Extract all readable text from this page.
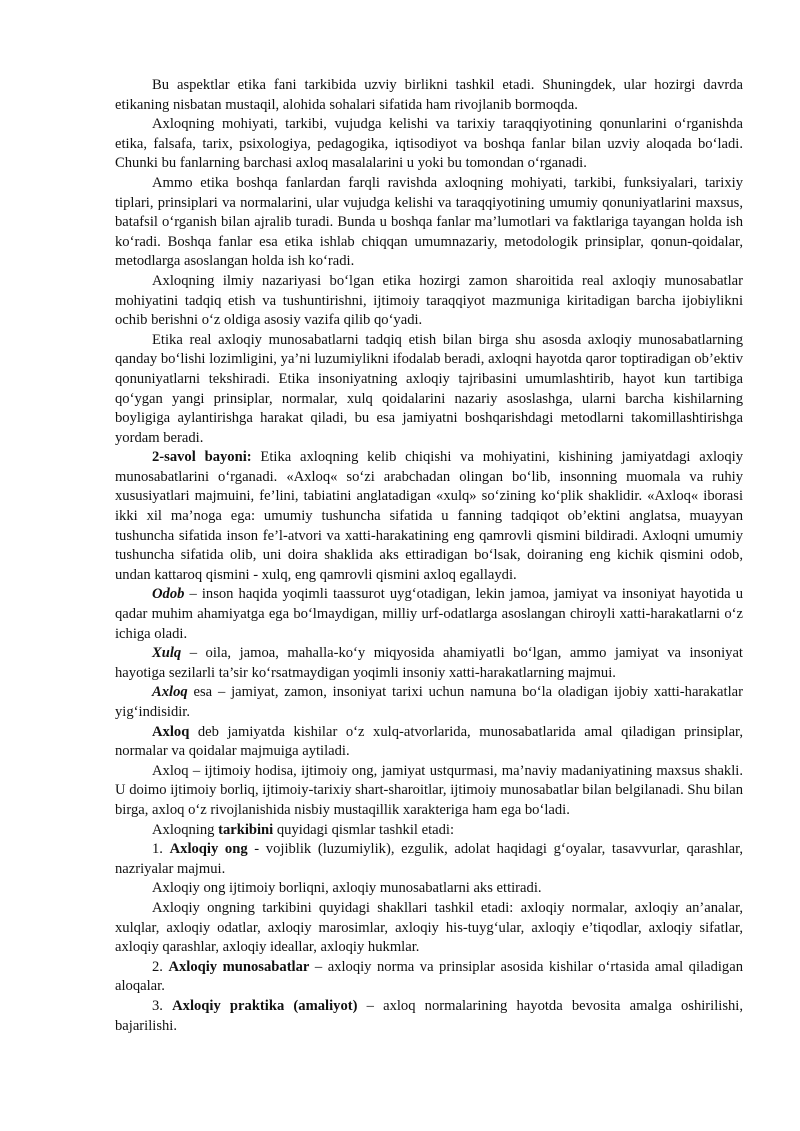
Bu aspektlar etika fani tarkibida uzviy birlikni tashkil etadi. Shuningdek, ular hozirgi davrda etikaning nisbatan mustaqil, alohida sohalari sifatida ham rivojlanib bormoqda.

Axloqning mohiyati, tarkibi, vujudga kelishi va tarixiy taraqqiyotining qonunlarini o‘rganishda etika, falsafa, tarix, psixologiya, pedagogika, iqtisodiyot va boshqa fanlar bilan uzviy aloqada bo‘ladi. Chunki bu fanlarning barchasi axloq masalalarini u yoki bu tomondan o‘rganadi.

Ammo etika boshqa fanlardan farqli ravishda axloqning mohiyati, tarkibi, funksiyalari, tarixiy tiplari, prinsiplari va normalarini, ular vujudga kelishi va taraqqiyotining umumiy qonuniyatlarini maxsus, batafsil o‘rganish bilan ajralib turadi. Bunda u boshqa fanlar ma’lumotlari va faktlariga tayangan holda ish ko‘radi. Boshqa fanlar esa etika ishlab chiqqan umumnazariy, metodologik prinsiplar, qonun-qoidalar, metodlarga asoslangan holda ish ko‘radi.

Axloqning ilmiy nazariyasi bo‘lgan etika hozirgi zamon sharoitida real axloqiy munosabatlar mohiyatini tadqiq etish va tushuntirishni, ijtimoiy taraqqiyot mazmuniga kiritadigan barcha ijobiylikni ochib berishni o‘z oldiga asosiy vazifa qilib qo‘yadi.

Etika real axloqiy munosabatlarni tadqiq etish bilan birga shu asosda axloqiy munosabatlarning qanday bo‘lishi lozimligini, ya’ni luzumiylikni ifodalab beradi, axloqni hayotda qaror toptiradigan ob’ektiv qonuniyatlarni tekshiradi. Etika insoniyatning axloqiy tajribasini umumlashtirib, hayot kun tartibiga qo‘ygan yangi prinsiplar, normalar, xulq qoidalarini nazariy asoslashga, ularni barcha kishilarning boyligiga aylantirishga harakat qiladi, bu esa jamiyatni boshqarishdagi metodlarni takomillashtirishga yordam beradi.

2-savol bayoni: Etika axloqning kelib chiqishi va mohiyatini, kishining jamiyatdagi axloqiy munosabatlarini o‘rganadi. «Axloq« so‘zi arabchadan olingan bo‘lib, insonning muomala va ruhiy xususiyatlari majmuini, fe’lini, tabiatini anglatadigan «xulq» so‘zining ko‘plik shaklidir. «Axloq« iborasi ikki xil ma’noga ega: umumiy tushuncha sifatida u fanning tadqiqot ob’ektini anglatsa, muayyan tushuncha sifatida inson fe’l-atvori va xatti-harakatining eng qamrovli qismini bildiradi. Axloqni umumiy tushuncha sifatida olib, uni doira shaklida aks ettiradigan bo‘lsak, doiraning eng kichik qismini odob, undan kattaroq qismini - xulq, eng qamrovli qismini axloq egallaydi.

Odob – inson haqida yoqimli taassurot uyg‘otadigan, lekin jamoa, jamiyat va insoniyat hayotida u qadar muhim ahamiyatga ega bo‘lmaydigan, milliy urf-odatlarga asoslangan chiroyli xatti-harakatlarni o‘z ichiga oladi.

Xulq – oila, jamoa, mahalla-ko‘y miqyosida ahamiyatli bo‘lgan, ammo jamiyat va insoniyat hayotiga sezilarli ta’sir ko‘rsatmaydigan yoqimli insoniy xatti-harakatlarning majmui.

Axloq esa – jamiyat, zamon, insoniyat tarixi uchun namuna bo‘la oladigan ijobiy xatti-harakatlar yig‘indisidir.

Axloq deb jamiyatda kishilar o‘z xulq-atvorlarida, munosabatlarida amal qiladigan prinsiplar, normalar va qoidalar majmuiga aytiladi.

Axloq – ijtimoiy hodisa, ijtimoiy ong, jamiyat ustqurmasi, ma’naviy madaniyatining maxsus shakli. U doimo ijtimoiy borliq, ijtimoiy-tarixiy shart-sharoitlar, ijtimoiy munosabatlar bilan belgilanadi. Shu bilan birga, axloq o‘z rivojlanishida nisbiy mustaqillik xarakteriga ham ega bo‘ladi.

Axloqning tarkibini quyidagi qismlar tashkil etadi:

1. Axloqiy ong - vojiblik (luzumiylik), ezgulik, adolat haqidagi g‘oyalar, tasavvurlar, qarashlar, nazriyalar majmui.

Axloqiy ong ijtimoiy borliqni, axloqiy munosabatlarni aks ettiradi.

Axloqiy ongning tarkibini quyidagi shakllari tashkil etadi: axloqiy normalar, axloqiy an’analar, xulqlar, axloqiy odatlar, axloqiy marosimlar, axloqiy his-tuyg‘ular, axloqiy e’tiqodlar, axloqiy sifatlar, axloqiy qarashlar, axloqiy ideallar, axloqiy hukmlar.

2. Axloqiy munosabatlar – axloqiy norma va prinsiplar asosida kishilar o‘rtasida amal qiladigan aloqalar.

3. Axloqiy praktika (amaliyot) – axloq normalarining hayotda bevosita amalga oshirilishi, bajarilishi.
